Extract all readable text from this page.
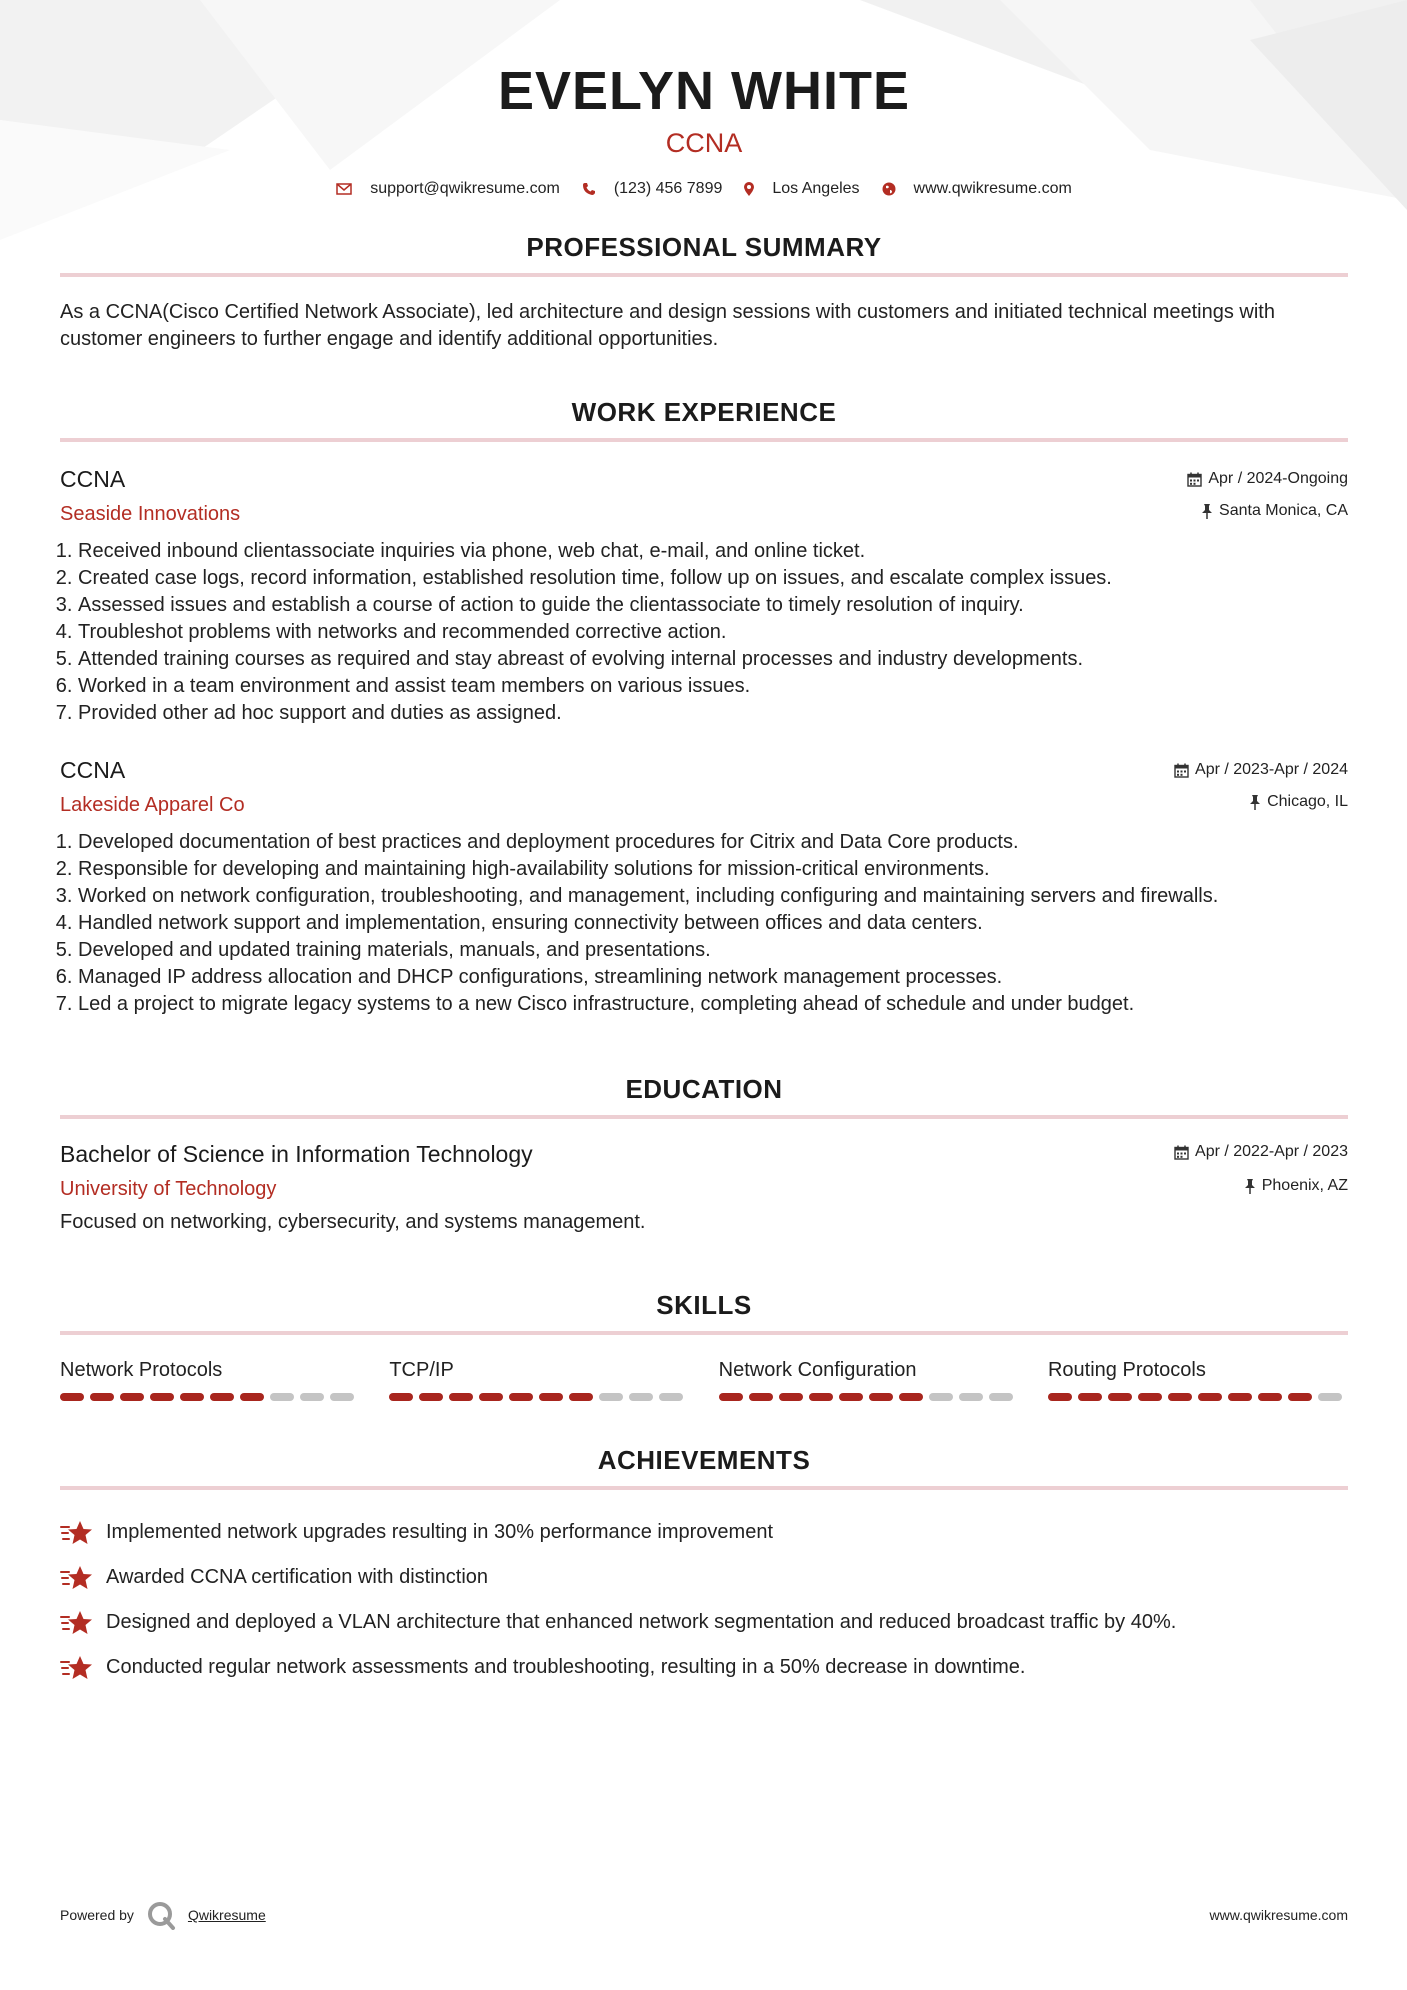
EVELYN WHITE
CCNA
support@qwikresume.com	(123) 456 7899	Los Angeles	www.qwikresume.com
PROFESSIONAL SUMMARY
As a CCNA(Cisco Certified Network Associate), led architecture and design sessions with customers and initiated technical meetings with customer engineers to further engage and identify additional opportunities.
WORK EXPERIENCE
Apr / 2024-Ongoing
Santa Monica, CA
CCNA
Seaside Innovations
1. Received inbound clientassociate inquiries via phone, web chat, e-mail, and online ticket.
2. Created case logs, record information, established resolution time, follow up on issues, and escalate complex issues.
3. Assessed issues and establish a course of action to guide the clientassociate to timely resolution of inquiry.
4. Troubleshot problems with networks and recommended corrective action.
5. Attended training courses as required and stay abreast of evolving internal processes and industry developments.
6. Worked in a team environment and assist team members on various issues.
7. Provided other ad hoc support and duties as assigned.
Apr / 2023-Apr / 2024
Chicago, IL
CCNA
Lakeside Apparel Co
1. Developed documentation of best practices and deployment procedures for Citrix and Data Core products.
2. Responsible for developing and maintaining high-availability solutions for mission-critical environments.
3. Worked on network configuration, troubleshooting, and management, including configuring and maintaining servers and firewalls.
4. Handled network support and implementation, ensuring connectivity between offices and data centers.
5. Developed and updated training materials, manuals, and presentations.
6. Managed IP address allocation and DHCP configurations, streamlining network management processes.
7. Led a project to migrate legacy systems to a new Cisco infrastructure, completing ahead of schedule and under budget.
EDUCATION
Apr / 2022-Apr / 2023
Phoenix, AZ
Bachelor of Science in Information Technology
University of Technology
Focused on networking, cybersecurity, and systems management.
SKILLS
Network Protocols	TCP/IP	Network Configuration	Routing Protocols
ACHIEVEMENTS
Implemented network upgrades resulting in 30% performance improvement
Awarded CCNA certification with distinction
Designed and deployed a VLAN architecture that enhanced network segmentation and reduced broadcast traffic by 40%.
Conducted regular network assessments and troubleshooting, resulting in a 50% decrease in downtime.
Powered by	Qwikresume	www.qwikresume.com
